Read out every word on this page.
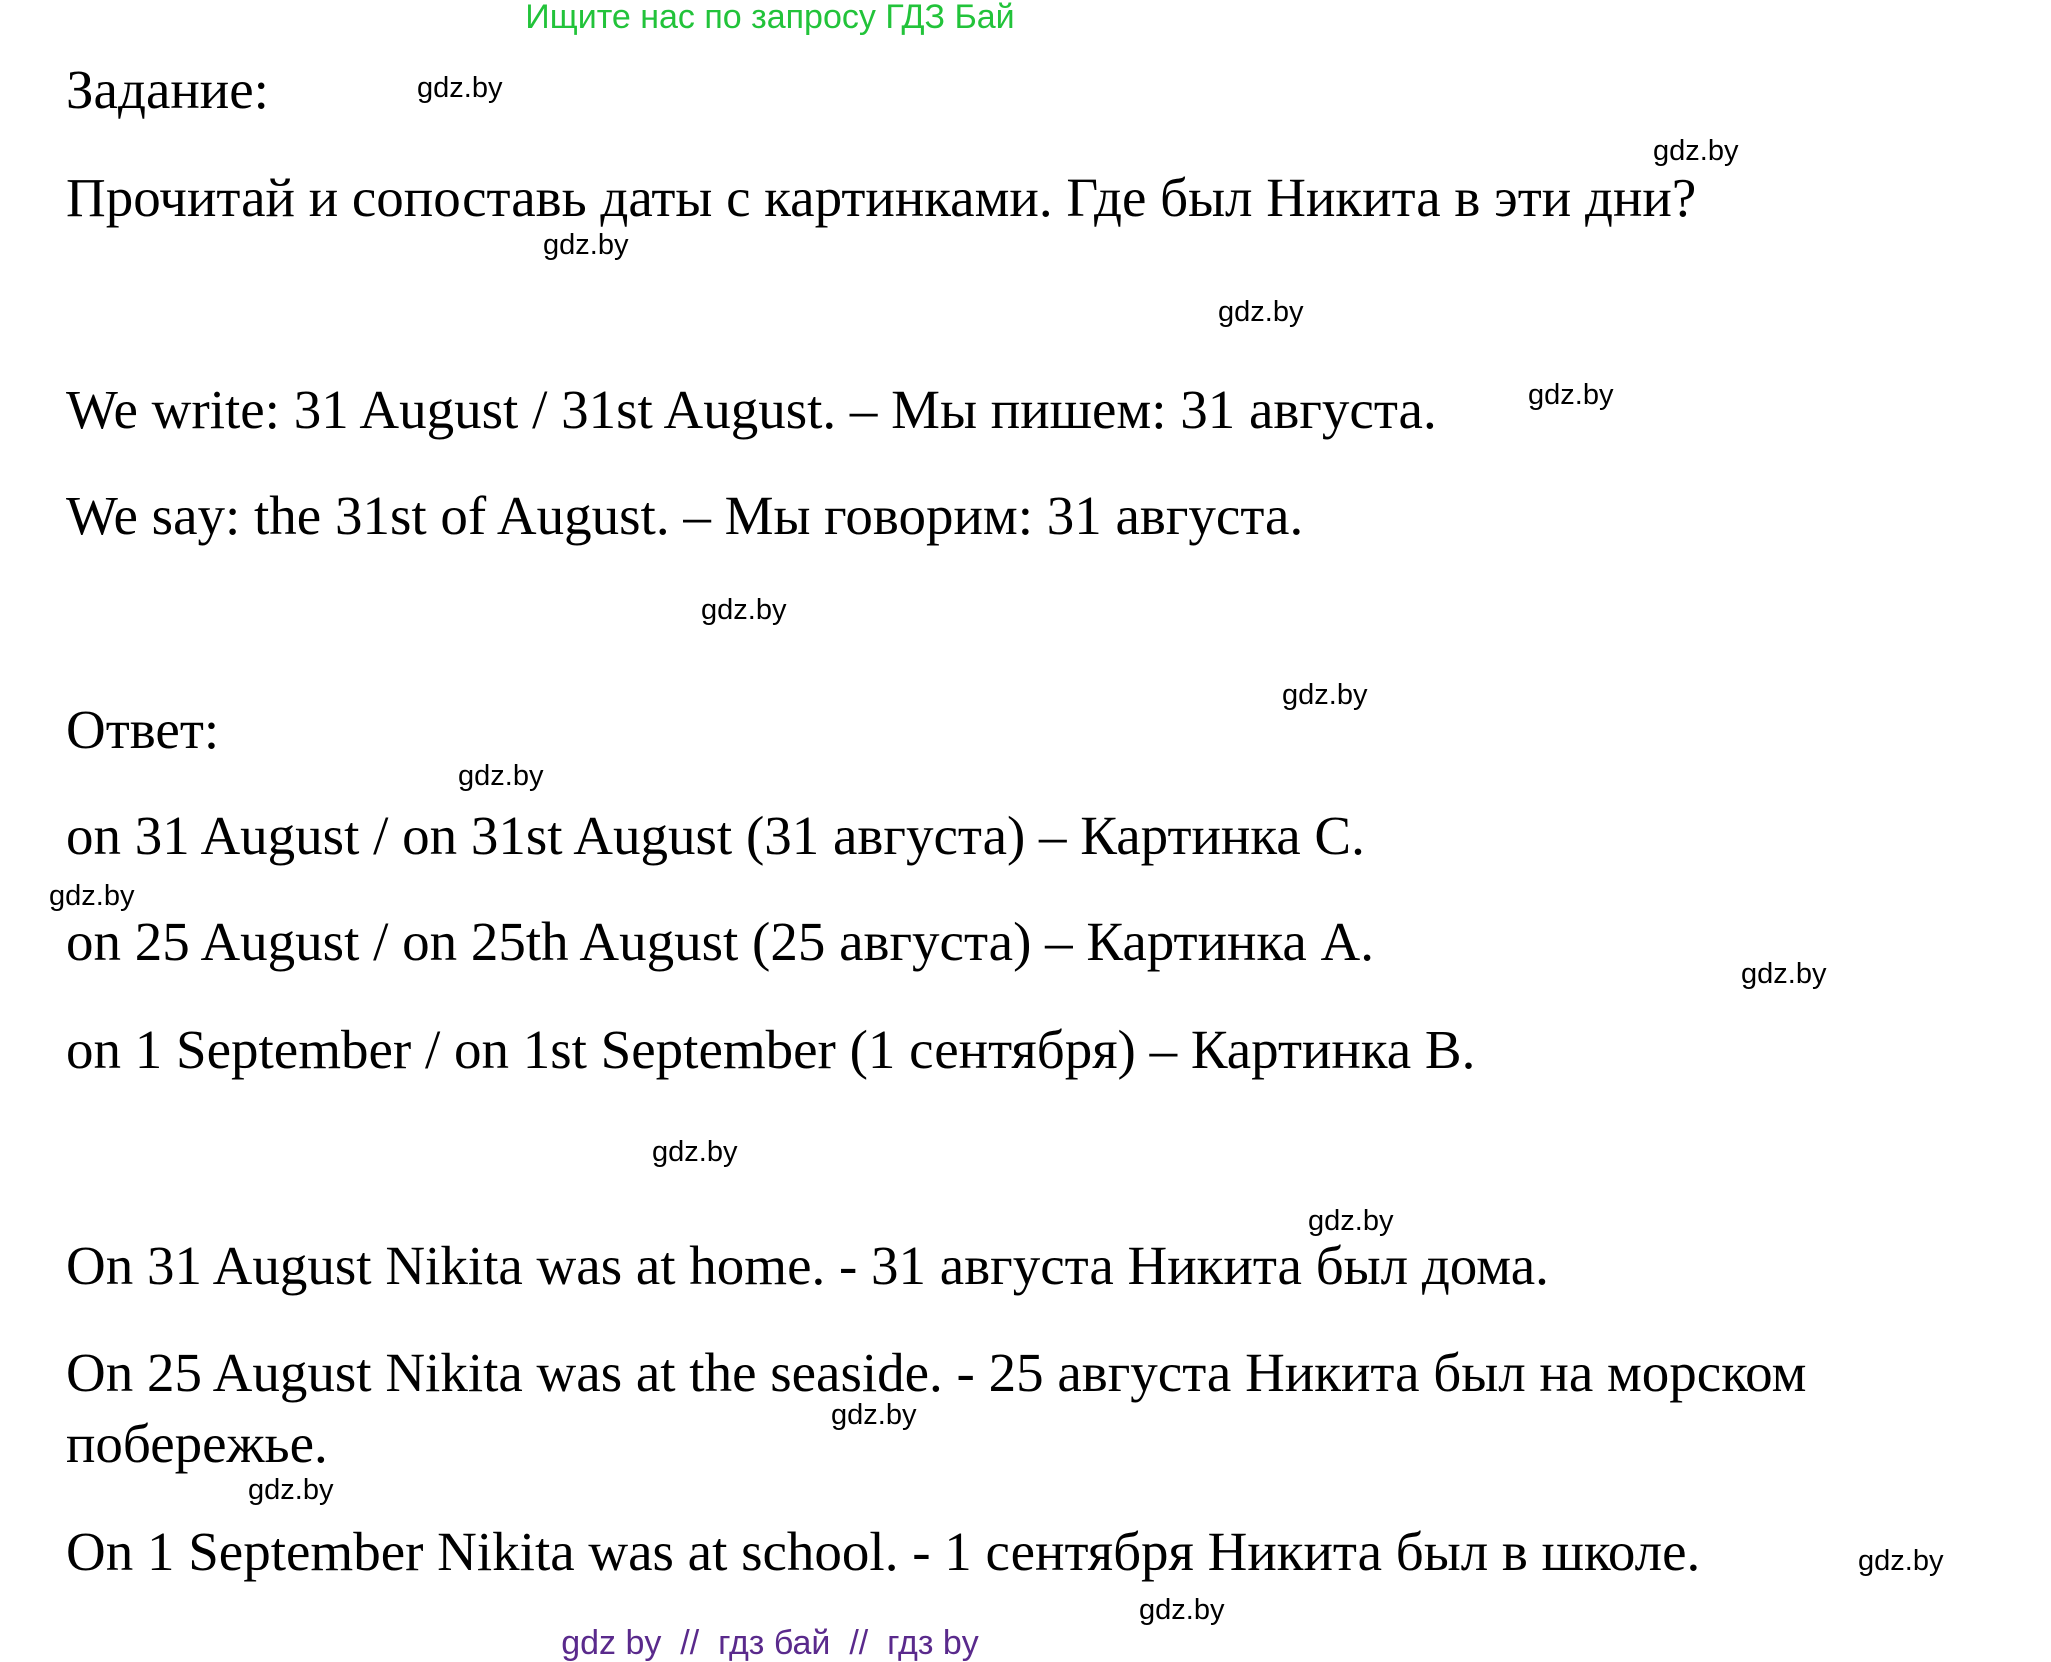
Ищите нас по запросу ГДЗ Бай
Задание:
Прочитай и сопоставь даты с картинками. Где был Никита в эти дни?
We write: 31 August / 31st August. – Мы пишем: 31 августа.
We say: the 31st of August. – Мы говорим: 31 августа.
Ответ:
on 31 August / on 31st August (31 августа) – Картинка C.
on 25 August / on 25th August (25 августа) – Картинка A.
on 1 September / on 1st September (1 сентября) – Картинка B.
On 31 August Nikita was at home. - 31 августа Никита был дома.
On 25 August Nikita was at the seaside. - 25 августа Никита был на морском
побережье.
On 1 September Nikita was at school. - 1 сентября Никита был в школе.
gdz.by
gdz.by
gdz.by
gdz.by
gdz.by
gdz.by
gdz.by
gdz.by
gdz.by
gdz.by
gdz.by
gdz.by
gdz.by
gdz.by
gdz.by
gdz.by
gdz by  //  гдз бай  //  гдз by
